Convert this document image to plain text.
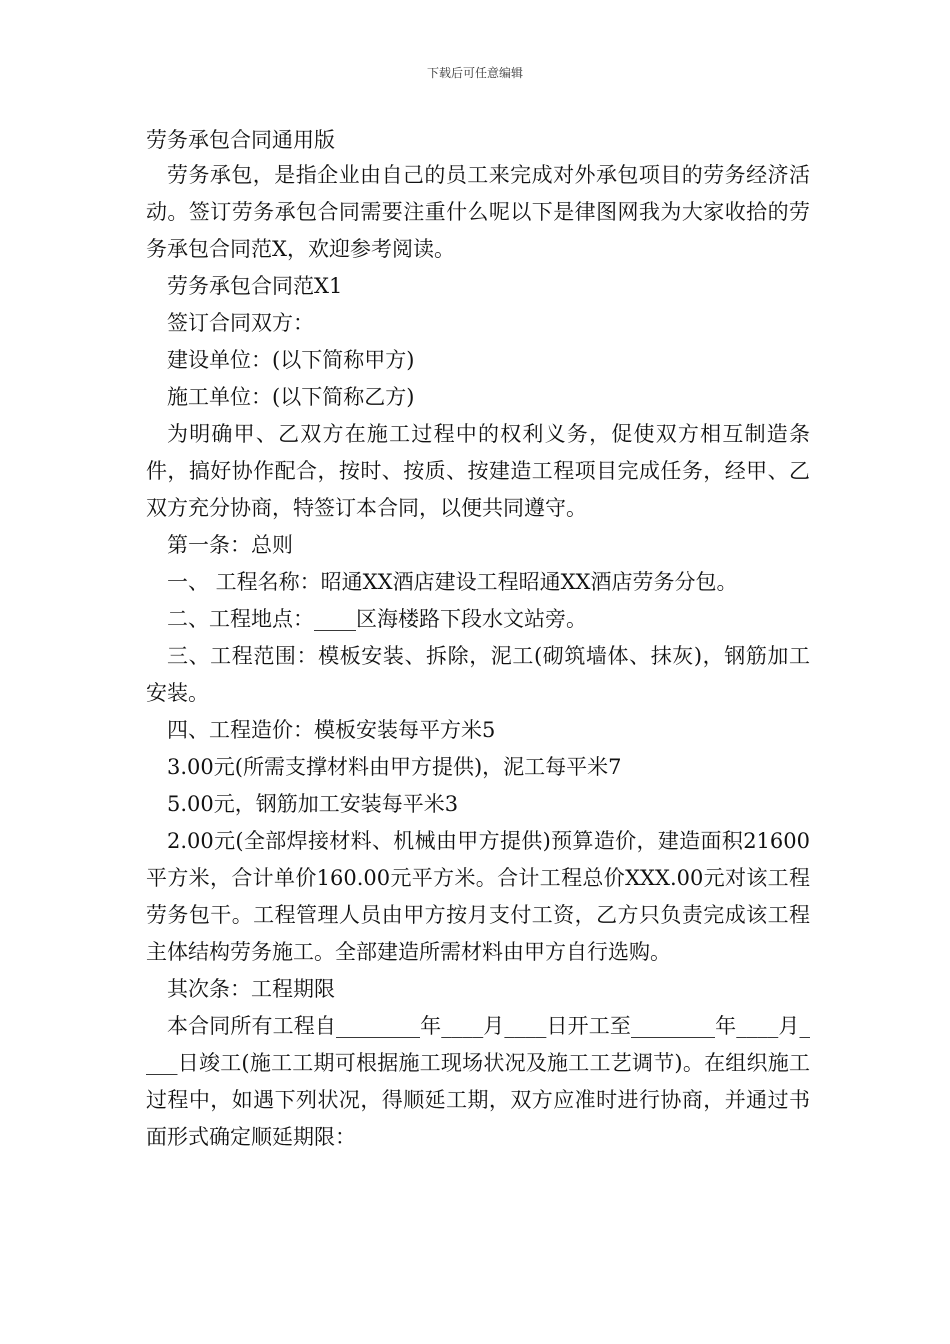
下载后可任意编辑
劳务承包合同通用版

劳务承包，是指企业由自己的员工来完成对外承包项目的劳务经济活动。签订劳务承包合同需要注重什么呢以下是律图网我为大家收拾的劳务承包合同范X，欢迎参考阅读。

劳务承包合同范X1

签订合同双方：

建设单位：(以下简称甲方)

施工单位：(以下简称乙方)

为明确甲、乙双方在施工过程中的权利义务，促使双方相互制造条件，搞好协作配合，按时、按质、按建造工程项目完成任务，经甲、乙双方充分协商，特签订本合同，以便共同遵守。

第一条：总则

一、 工程名称：昭通XX酒店建设工程昭通XX酒店劳务分包。

二、工程地点：____区海楼路下段水文站旁。

三、工程范围：模板安装、拆除，泥工(砌筑墙体、抹灰)，钢筋加工安装。

四、工程造价：模板安装每平方米5

3.00元(所需支撑材料由甲方提供)，泥工每平米7

5.00元，钢筋加工安装每平米3

2.00元(全部焊接材料、机械由甲方提供)预算造价，建造面积21600平方米，合计单价160.00元平方米。合计工程总价XXX.00元对该工程劳务包干。工程管理人员由甲方按月支付工资，乙方只负责完成该工程主体结构劳务施工。全部建造所需材料由甲方自行选购。

其次条：工程期限

本合同所有工程自________年____月____日开工至________年____月____日竣工(施工工期可根据施工现场状况及施工工艺调节)。在组织施工过程中，如遇下列状况，得顺延工期，双方应准时进行协商，并通过书面形式确定顺延期限：
